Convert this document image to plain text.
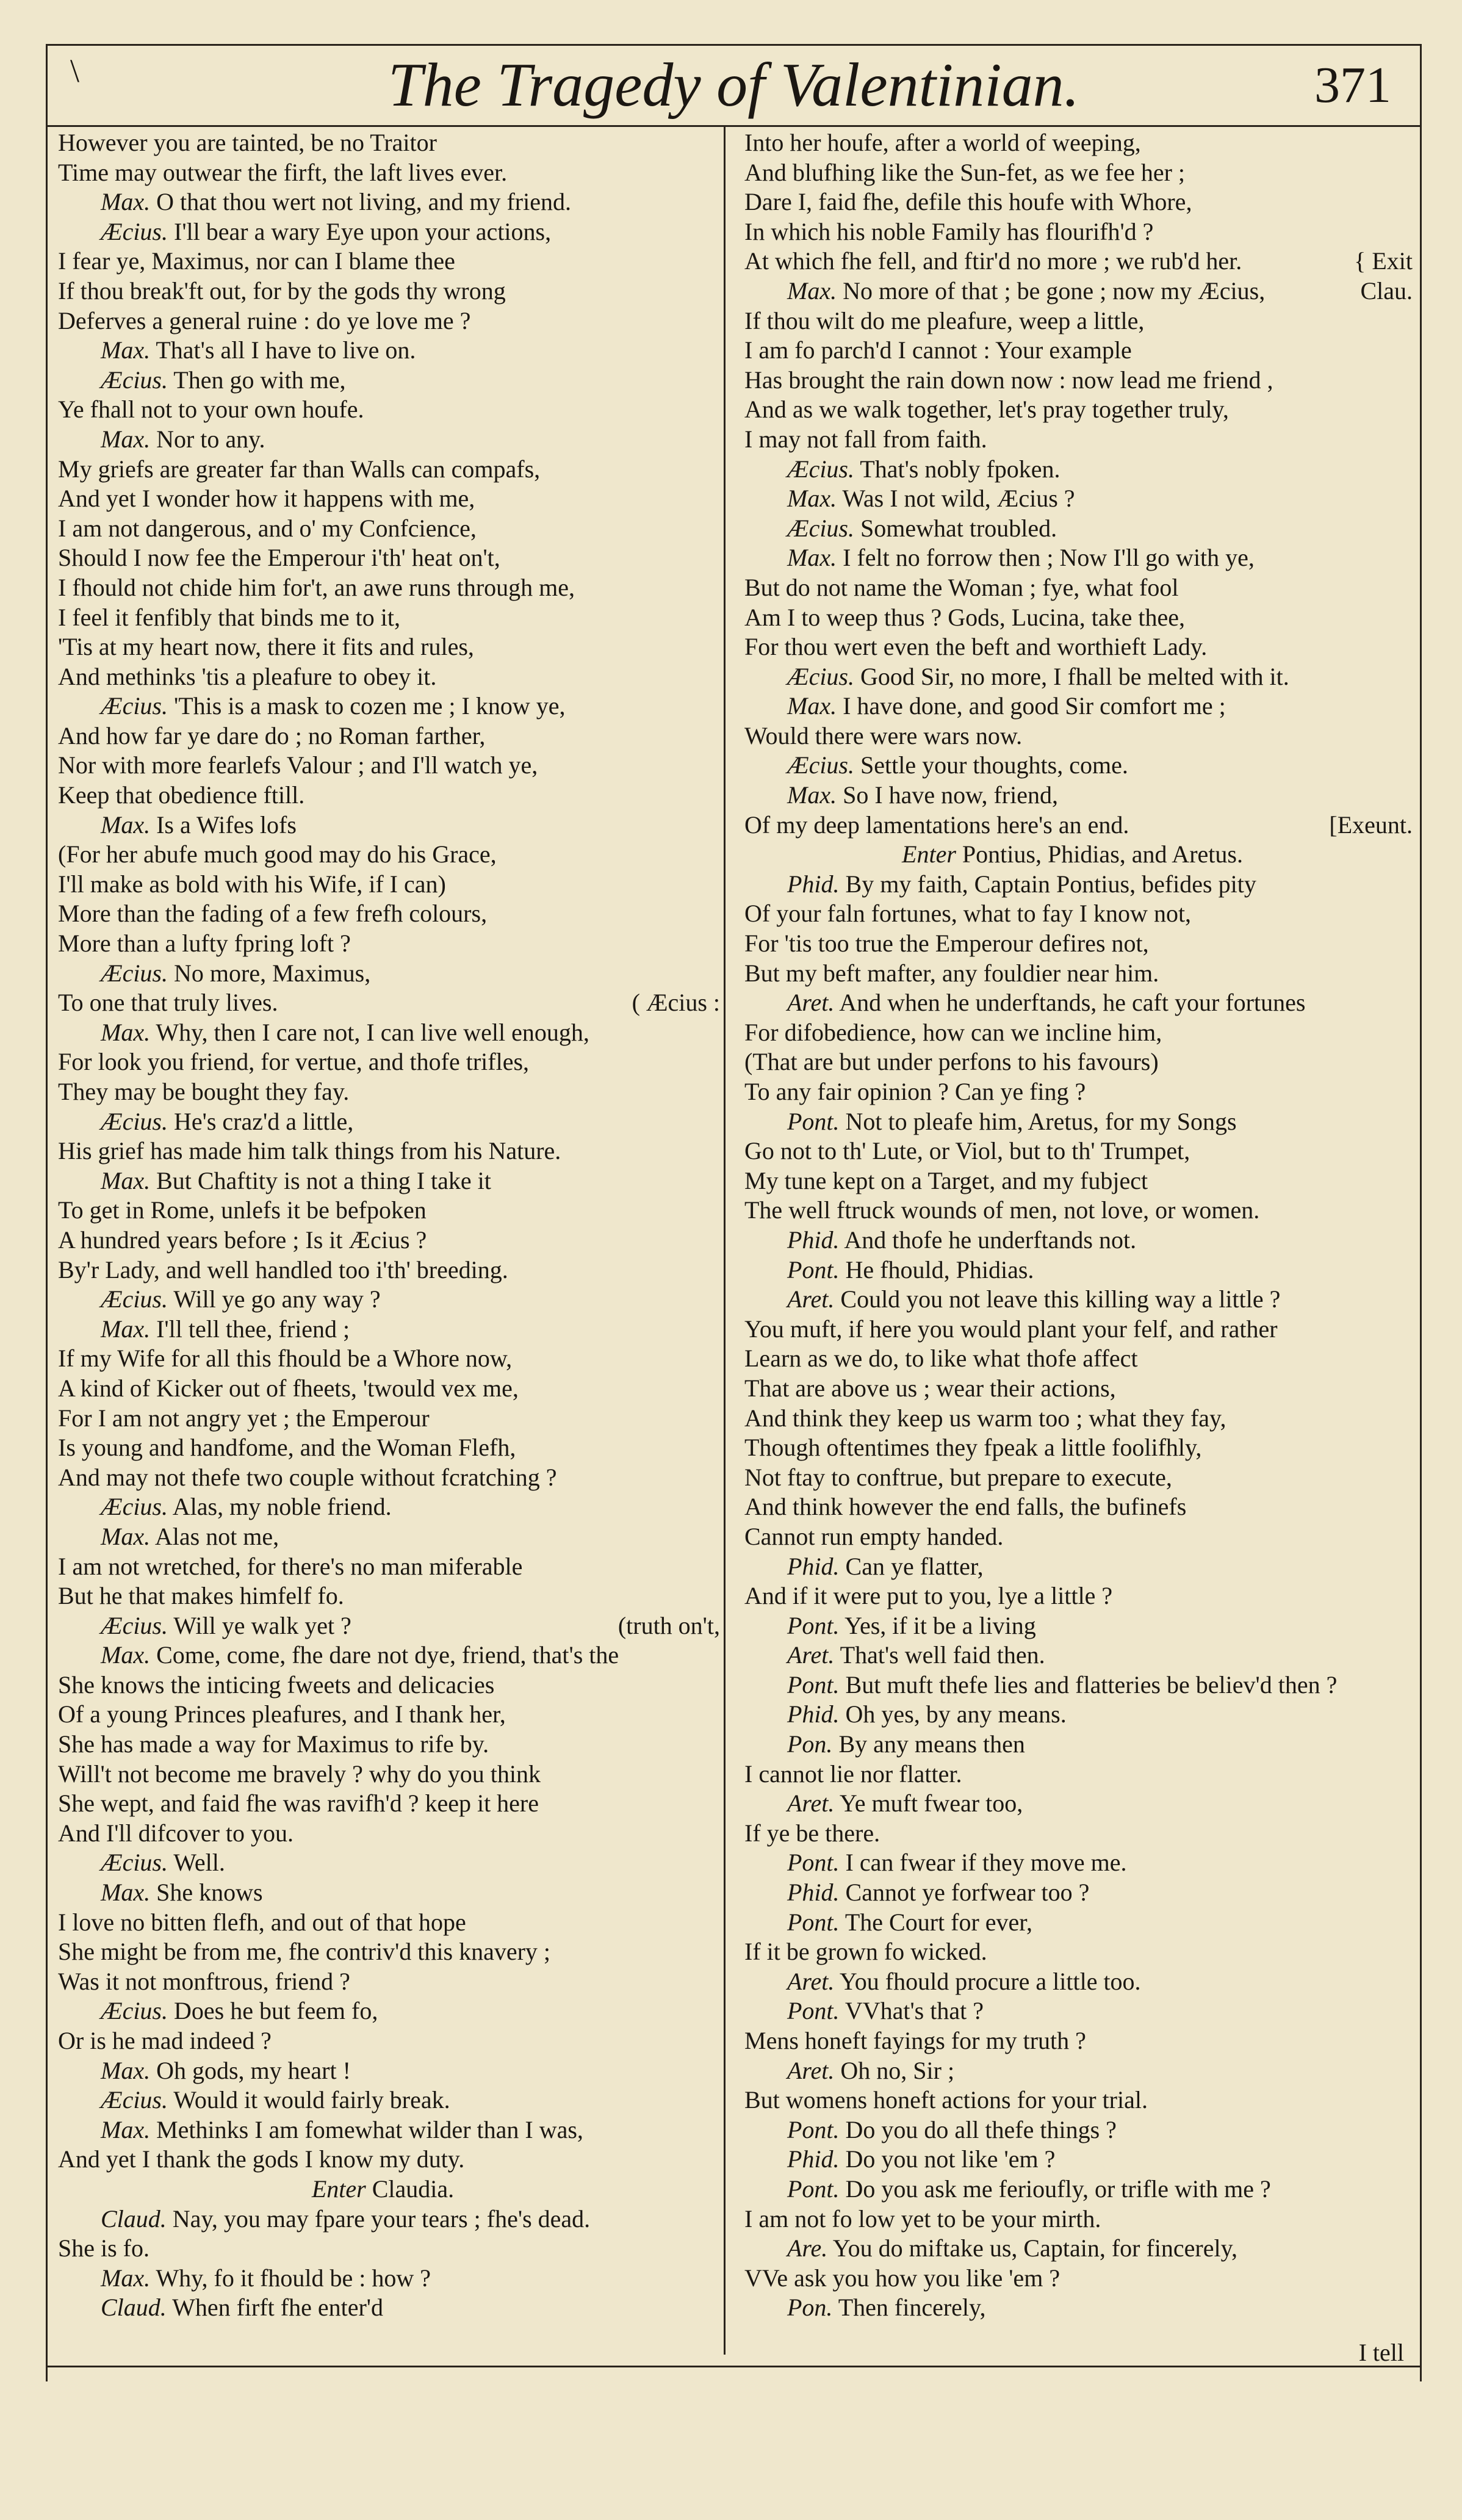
\	The Tragedy of Valentinian.	371
However you are tainted, be no Traitor
Time may outwear the firft, the laft lives ever.
Max. O that thou wert not living, and my friend.
Æcius. I'll bear a wary Eye upon your actions,
I fear ye, Maximus, nor can I blame thee
If thou break'ft out, for by the gods thy wrong
Deferves a general ruine : do ye love me ?
Max. That's all I have to live on.
Æcius. Then go with me,
Ye fhall not to your own houfe.
Max. Nor to any.
My griefs are greater far than Walls can compafs,
And yet I wonder how it happens with me,
I am not dangerous, and o' my Confcience,
Should I now fee the Emperour i'th' heat on't,
I fhould not chide him for't, an awe runs through me,
I feel it fenfibly that binds me to it,
'Tis at my heart now, there it fits and rules,
And methinks 'tis a pleafure to obey it.
Æcius. 'This is a mask to cozen me ; I know ye,
And how far ye dare do ; no Roman farther,
Nor with more fearlefs Valour ; and I'll watch ye,
Keep that obedience ftill.
Max. Is a Wifes lofs
(For her abufe much good may do his Grace,
I'll make as bold with his Wife, if I can)
More than the fading of a few frefh colours,
More than a lufty fpring loft ?
Æcius. No more, Maximus,
To one that truly lives.	( Æcius :
Max. Why, then I care not, I can live well enough,
For look you friend, for vertue, and thofe trifles,
They may be bought they fay.
Æcius. He's craz'd a little,
His grief has made him talk things from his Nature.
Max. But Chaftity is not a thing I take it
To get in Rome, unlefs it be befpoken
A hundred years before ; Is it Æcius ?
By'r Lady, and well handled too i'th' breeding.
Æcius. Will ye go any way ?
Max. I'll tell thee, friend ;
If my Wife for all this fhould be a Whore now,
A kind of Kicker out of fheets, 'twould vex me,
For I am not angry yet ; the Emperour
Is young and handfome, and the Woman Flefh,
And may not thefe two couple without fcratching ?
Æcius. Alas, my noble friend.
Max. Alas not me,
I am not wretched, for there's no man miferable
But he that makes himfelf fo.
Æcius. Will ye walk yet ?	(truth on't,
Max. Come, come, fhe dare not dye, friend, that's the
She knows the inticing fweets and delicacies
Of a young Princes pleafures, and I thank her,
She has made a way for Maximus to rife by.
Will't not become me bravely ? why do you think
She wept, and faid fhe was ravifh'd ? keep it here
And I'll difcover to you.
Æcius. Well.
Max. She knows
I love no bitten flefh, and out of that hope
She might be from me, fhe contriv'd this knavery ;
Was it not monftrous, friend ?
Æcius. Does he but feem fo,
Or is he mad indeed ?
Max. Oh gods, my heart !
Æcius. Would it would fairly break.
Max. Methinks I am fomewhat wilder than I was,
And yet I thank the gods I know my duty.
Enter Claudia.
Claud. Nay, you may fpare your tears ; fhe's dead.
She is fo.
Max. Why, fo it fhould be : how ?
Claud. When firft fhe enter'd
Into her houfe, after a world of weeping,
And blufhing like the Sun-fet, as we fee her ;
Dare I, faid fhe, defile this houfe with Whore,
In which his noble Family has flourifh'd ?
At which fhe fell, and ftir'd no more ; we rub'd her.	{ Exit
Max. No more of that ; be gone ; now my Æcius,	Clau.
If thou wilt do me pleafure, weep a little,
I am fo parch'd I cannot : Your example
Has brought the rain down now : now lead me friend ,
And as we walk together, let's pray together truly,
I may not fall from faith.
Æcius. That's nobly fpoken.
Max. Was I not wild, Æcius ?
Æcius. Somewhat troubled.
Max. I felt no forrow then ; Now I'll go with ye,
But do not name the Woman ; fye, what fool
Am I to weep thus ? Gods, Lucina, take thee,
For thou wert even the beft and worthieft Lady.
Æcius. Good Sir, no more, I fhall be melted with it.
Max. I have done, and good Sir comfort me ;
Would there were wars now.
Æcius. Settle your thoughts, come.
Max. So I have now, friend,
Of my deep lamentations here's an end.	[Exeunt.
Enter Pontius, Phidias, and Aretus.
Phid. By my faith, Captain Pontius, befides pity
Of your faln fortunes, what to fay I know not,
For 'tis too true the Emperour defires not,
But my beft mafter, any fouldier near him.
Aret. And when he underftands, he caft your fortunes
For difobedience, how can we incline him,
(That are but under perfons to his favours)
To any fair opinion ? Can ye fing ?
Pont. Not to pleafe him, Aretus, for my Songs
Go not to th' Lute, or Viol, but to th' Trumpet,
My tune kept on a Target, and my fubject
The well ftruck wounds of men, not love, or women.
Phid. And thofe he underftands not.
Pont. He fhould, Phidias.
Aret. Could you not leave this killing way a little ?
You muft, if here you would plant your felf, and rather
Learn as we do, to like what thofe affect
That are above us ; wear their actions,
And think they keep us warm too ; what they fay,
Though oftentimes they fpeak a little foolifhly,
Not ftay to conftrue, but prepare to execute,
And think however the end falls, the bufinefs
Cannot run empty handed.
Phid. Can ye flatter,
And if it were put to you, lye a little ?
Pont. Yes, if it be a living
Aret. That's well faid then.
Pont. But muft thefe lies and flatteries be believ'd then ?
Phid. Oh yes, by any means.
Pon. By any means then
I cannot lie nor flatter.
Aret. Ye muft fwear too,
If ye be there.
Pont. I can fwear if they move me.
Phid. Cannot ye forfwear too ?
Pont. The Court for ever,
If it be grown fo wicked.
Aret. You fhould procure a little too.
Pont. VVhat's that ?
Mens honeft fayings for my truth ?
Aret. Oh no, Sir ;
But womens honeft actions for your trial.
Pont. Do you do all thefe things ?
Phid. Do you not like 'em ?
Pont. Do you ask me ferioufly, or trifle with me ?
I am not fo low yet to be your mirth.
Are. You do miftake us, Captain, for fincerely,
VVe ask you how you like 'em ?
Pon. Then fincerely,
I tell
